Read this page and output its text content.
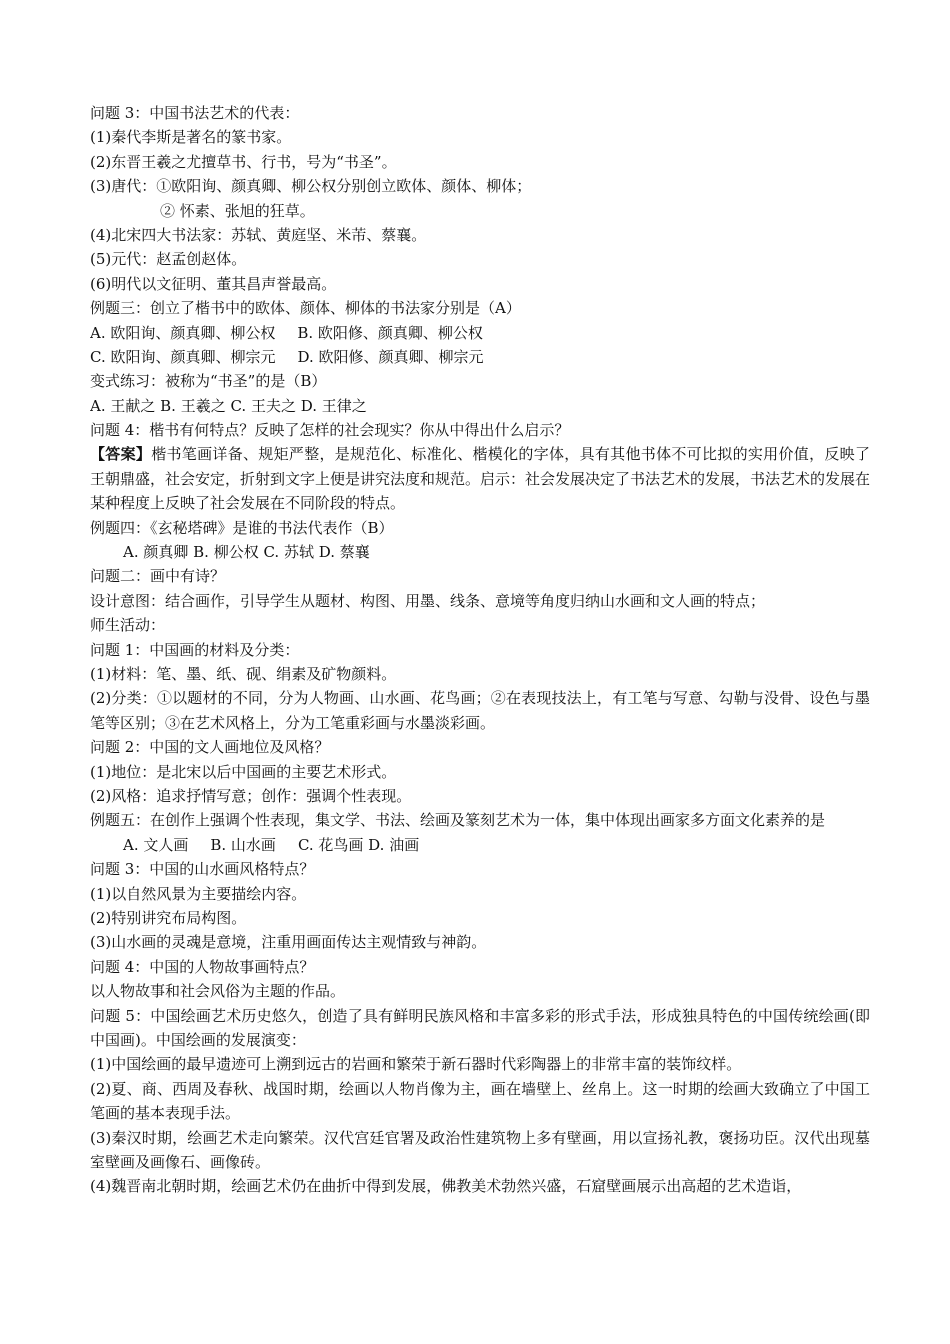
问题 3：中国书法艺术的代表：
(1)秦代李斯是著名的篆书家。
(2)东晋王羲之尤擅草书、行书，号为“书圣”。
(3)唐代：①欧阳询、颜真卿、柳公权分别创立欧体、颜体、柳体；
② 怀素、张旭的狂草。
(4)北宋四大书法家：苏轼、黄庭坚、米芾、蔡襄。
(5)元代：赵孟创赵体。
(6)明代以文征明、董其昌声誉最高。
例题三：创立了楷书中的欧体、颜体、柳体的书法家分别是（A）
A. 欧阳询、颜真卿、柳公权 B. 欧阳修、颜真卿、柳公权
C. 欧阳询、颜真卿、柳宗元 D. 欧阳修、颜真卿、柳宗元
变式练习：被称为“书圣”的是（B）
A. 王献之 B. 王羲之 C. 王夫之 D. 王律之
问题 4：楷书有何特点？反映了怎样的社会现实？你从中得出什么启示？
【答案】楷书笔画详备、规矩严整，是规范化、标准化、楷模化的字体，具有其他书体不可比拟的实用价值，反映了王朝鼎盛，社会安定，折射到文字上便是讲究法度和规范。启示：社会发展决定了书法艺术的发展，书法艺术的发展在某种程度上反映了社会发展在不同阶段的特点。
例题四：《玄秘塔碑》是谁的书法代表作（B）
A. 颜真卿 B. 柳公权 C. 苏轼 D. 蔡襄
问题二：画中有诗？
设计意图：结合画作，引导学生从题材、构图、用墨、线条、意境等角度归纳山水画和文人画的特点；
师生活动：
问题 1：中国画的材料及分类：
(1)材料：笔、墨、纸、砚、绢素及矿物颜料。
(2)分类：①以题材的不同，分为人物画、山水画、花鸟画；②在表现技法上，有工笔与写意、勾勒与没骨、设色与墨笔等区别；③在艺术风格上，分为工笔重彩画与水墨淡彩画。
问题 2：中国的文人画地位及风格？
(1)地位：是北宋以后中国画的主要艺术形式。
(2)风格：追求抒情写意；创作：强调个性表现。
例题五：在创作上强调个性表现，集文学、书法、绘画及篆刻艺术为一体，集中体现出画家多方面文化素养的是
A. 文人画 B. 山水画 C. 花鸟画 D. 油画
问题 3：中国的山水画风格特点？
(1)以自然风景为主要描绘内容。
(2)特别讲究布局构图。
(3)山水画的灵魂是意境，注重用画面传达主观情致与神韵。
问题 4：中国的人物故事画特点？
以人物故事和社会风俗为主题的作品。
问题 5：中国绘画艺术历史悠久，创造了具有鲜明民族风格和丰富多彩的形式手法，形成独具特色的中国传统绘画(即中国画)。中国绘画的发展演变：
(1)中国绘画的最早遗迹可上溯到远古的岩画和繁荣于新石器时代彩陶器上的非常丰富的装饰纹样。
(2)夏、商、西周及春秋、战国时期，绘画以人物肖像为主，画在墙壁上、丝帛上。这一时期的绘画大致确立了中国工笔画的基本表现手法。
(3)秦汉时期，绘画艺术走向繁荣。汉代宫廷官署及政治性建筑物上多有壁画，用以宣扬礼教，褒扬功臣。汉代出现墓室壁画及画像石、画像砖。
(4)魏晋南北朝时期，绘画艺术仍在曲折中得到发展，佛教美术勃然兴盛，石窟壁画展示出高超的艺术造诣，
